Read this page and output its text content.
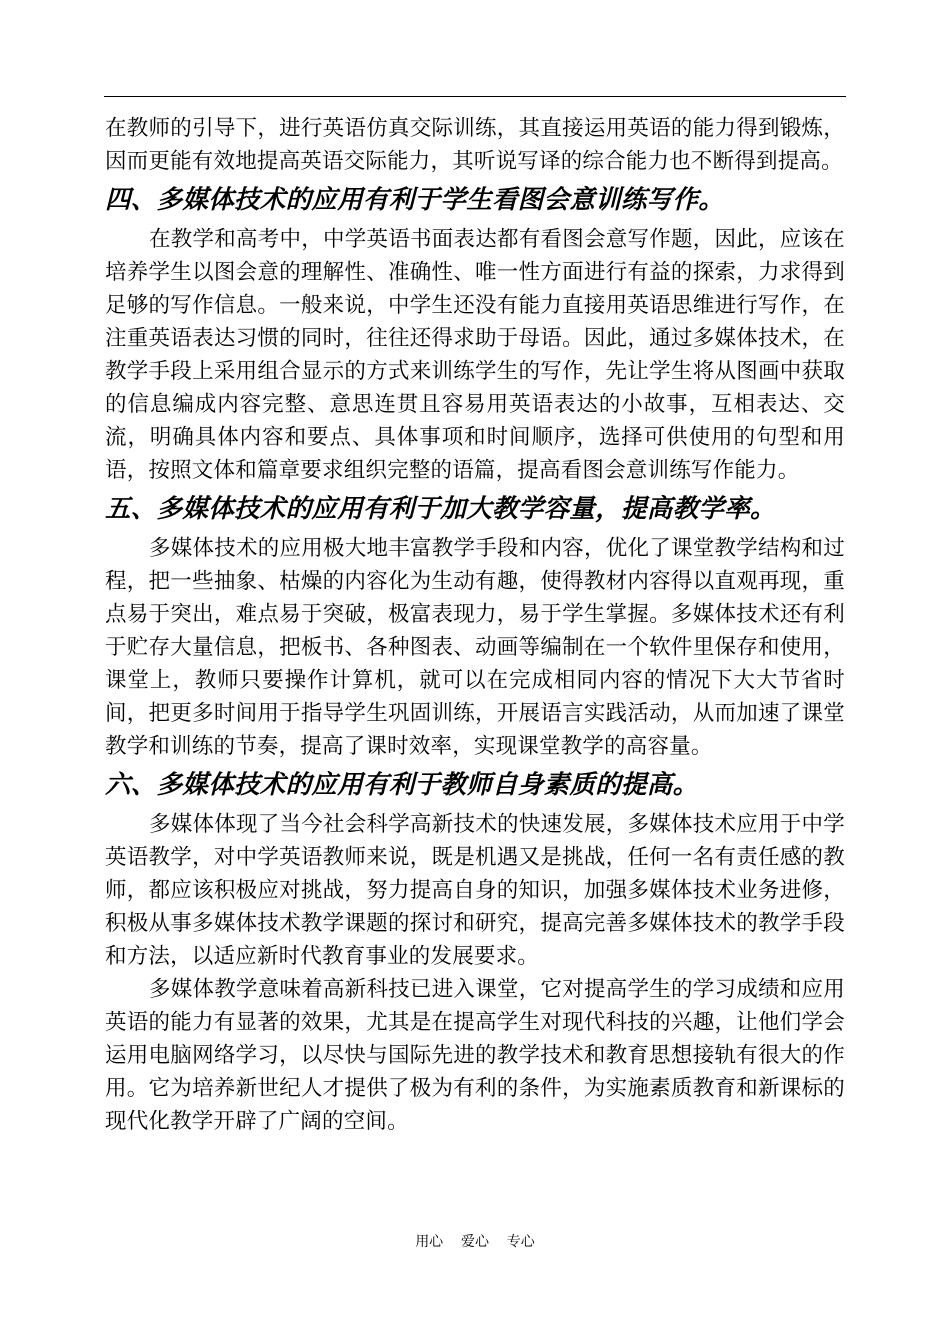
在教师的引导下，进行英语仿真交际训练，其直接运用英语的能力得到锻炼，因而更能有效地提高英语交际能力，其听说写译的综合能力也不断得到提高。

四、多媒体技术的应用有利于学生看图会意训练写作。

在教学和高考中，中学英语书面表达都有看图会意写作题，因此，应该在培养学生以图会意的理解性、准确性、唯一性方面进行有益的探索，力求得到足够的写作信息。一般来说，中学生还没有能力直接用英语思维进行写作，在注重英语表达习惯的同时，往往还得求助于母语。因此，通过多媒体技术，在教学手段上采用组合显示的方式来训练学生的写作，先让学生将从图画中获取的信息编成内容完整、意思连贯且容易用英语表达的小故事，互相表达、交流，明确具体内容和要点、具体事项和时间顺序，选择可供使用的句型和用语，按照文体和篇章要求组织完整的语篇，提高看图会意训练写作能力。

五、多媒体技术的应用有利于加大教学容量，提高教学率。

多媒体技术的应用极大地丰富教学手段和内容，优化了课堂教学结构和过程，把一些抽象、枯燥的内容化为生动有趣，使得教材内容得以直观再现，重点易于突出，难点易于突破，极富表现力，易于学生掌握。多媒体技术还有利于贮存大量信息，把板书、各种图表、动画等编制在一个软件里保存和使用，课堂上，教师只要操作计算机，就可以在完成相同内容的情况下大大节省时间，把更多时间用于指导学生巩固训练，开展语言实践活动，从而加速了课堂教学和训练的节奏，提高了课时效率，实现课堂教学的高容量。

六、多媒体技术的应用有利于教师自身素质的提高。

多媒体体现了当今社会科学高新技术的快速发展，多媒体技术应用于中学英语教学，对中学英语教师来说，既是机遇又是挑战，任何一名有责任感的教师，都应该积极应对挑战，努力提高自身的知识，加强多媒体技术业务进修，积极从事多媒体技术教学课题的探讨和研究，提高完善多媒体技术的教学手段和方法，以适应新时代教育事业的发展要求。

多媒体教学意味着高新科技已进入课堂，它对提高学生的学习成绩和应用英语的能力有显著的效果，尤其是在提高学生对现代科技的兴趣，让他们学会运用电脑网络学习，以尽快与国际先进的教学技术和教育思想接轨有很大的作用。它为培养新世纪人才提供了极为有利的条件，为实施素质教育和新课标的现代化教学开辟了广阔的空间。

用心    爱心    专心
